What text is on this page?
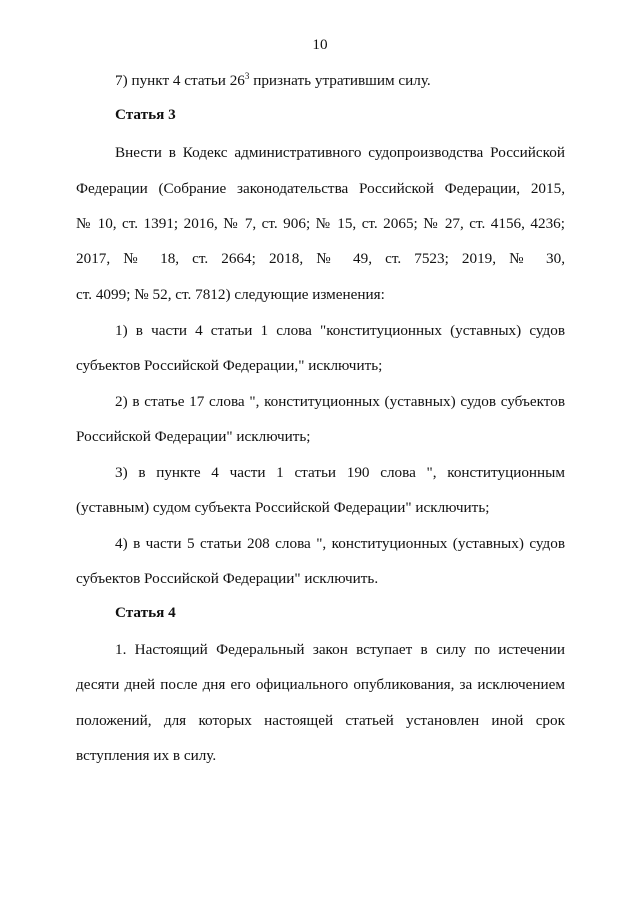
10
7) пункт 4 статьи $26^3$ признать утратившим силу.
Статья 3
Внести в Кодекс административного судопроизводства Российской
Федерации (Собрание законодательства Российской Федерации, 2015,
№ 10, ст. 1391; 2016, № 7, ст. 906; № 15, ст. 2065; № 27, ст. 4156, 4236;
2017, № 18, ст. 2664; 2018, № 49, ст. 7523; 2019, № 30,
ст. 4099; № 52, ст. 7812) следующие изменения:
1) в части 4 статьи 1 слова "конституционных (уставных) судов
субъектов Российской Федерации," исключить;
2) в статье 17 слова ", конституционных (уставных) судов субъектов
Российской Федерации" исключить;
3) в пункте 4 части 1 статьи 190 слова ", конституционным
(уставным) судом субъекта Российской Федерации" исключить;
4) в части 5 статьи 208 слова ", конституционных (уставных) судов
субъектов Российской Федерации" исключить.
Статья 4
1. Настоящий Федеральный закон вступает в силу по истечении
десяти дней после дня его официального опубликования, за исключением
положений, для которых настоящей статьей установлен иной срок
вступления их в силу.
